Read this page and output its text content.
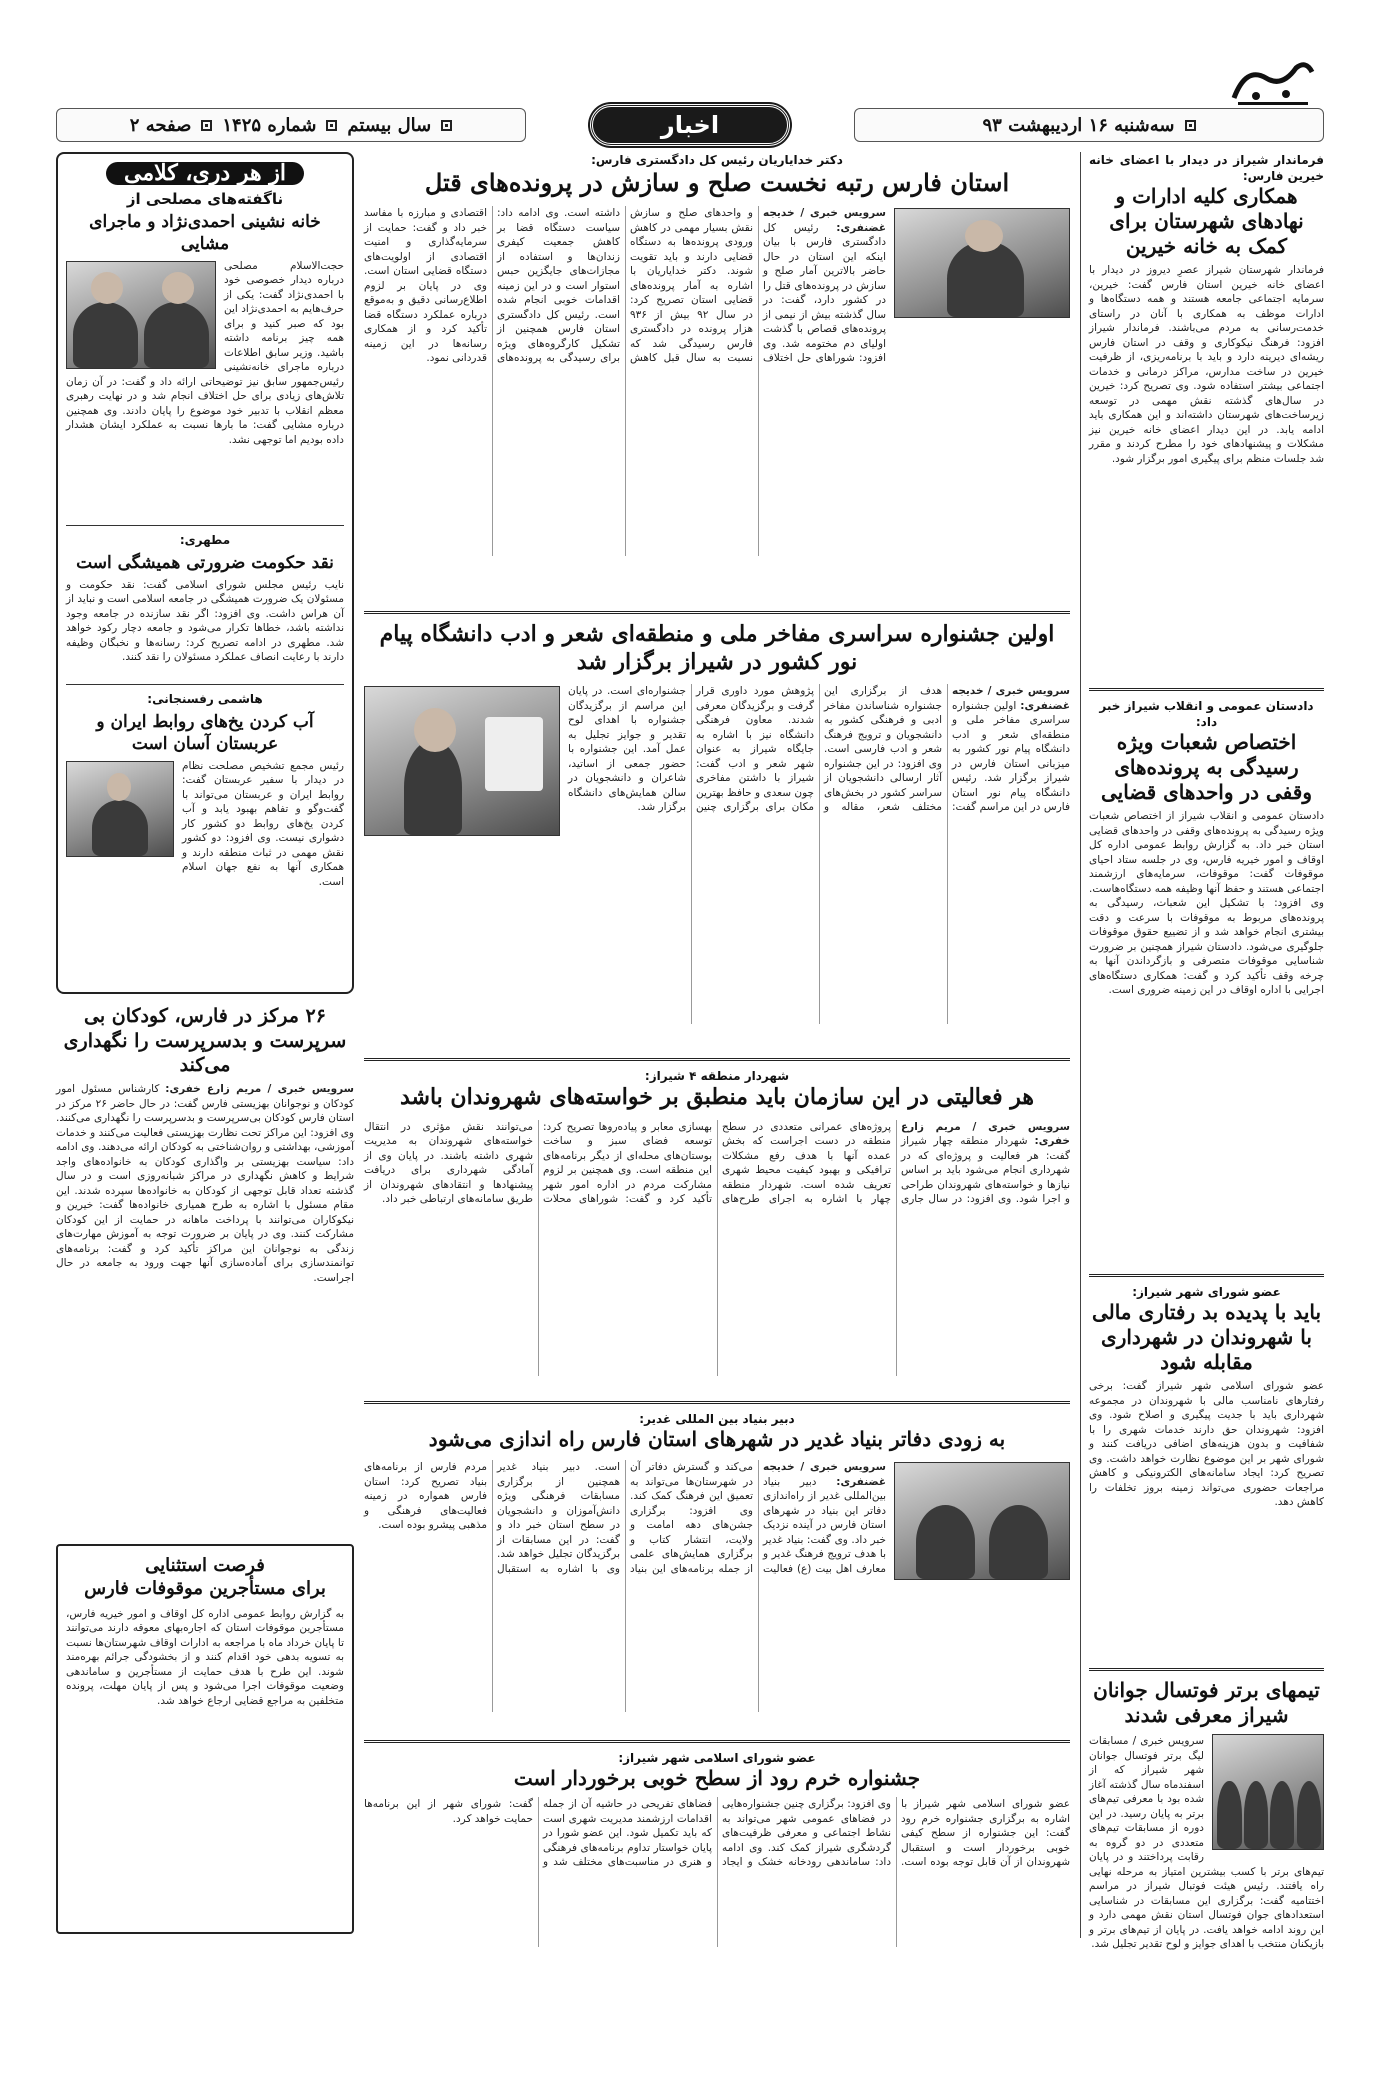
سه‌شنبه ۱۶ اردیبهشت ۹۳
اخبار
سال بیستم
شماره ۱۴۲۵
صفحه ۲
فرماندار شیراز در دیدار با اعضای خانه خیرین فارس:
همکاری کلیه ادارات و نهادهای شهرستان برای کمک به خانه خیرین
فرماندار شهرستان شیراز عصرِ دیروز در دیدار با اعضای خانه خیرین استان فارس گفت: خیرین، سرمایه اجتماعی جامعه هستند و همه دستگاه‌ها و ادارات موظف به همکاری با آنان در راستای خدمت‌رسانی به مردم می‌باشند. فرماندار شیراز افزود: فرهنگ نیکوکاری و وقف در استان فارس ریشه‌ای دیرینه دارد و باید با برنامه‌ریزی، از ظرفیت خیرین در ساخت مدارس، مراکز درمانی و خدمات اجتماعی بیشتر استفاده شود. وی تصریح کرد: خیرین در سال‌های گذشته نقش مهمی در توسعه زیرساخت‌های شهرستان داشته‌اند و این همکاری باید ادامه یابد. در این دیدار اعضای خانه خیرین نیز مشکلات و پیشنهادهای خود را مطرح کردند و مقرر شد جلسات منظم برای پیگیری امور برگزار شود.
دادستان عمومی و انقلاب شیراز خبر داد:
اختصاص شعبات ویژه رسیدگی به پرونده‌های وقفی در واحدهای قضایی
دادستان عمومی و انقلاب شیراز از اختصاص شعبات ویژه رسیدگی به پرونده‌های وقفی در واحدهای قضایی استان خبر داد. به گزارش روابط عمومی اداره کل اوقاف و امور خیریه فارس، وی در جلسه ستاد احیای موقوفات گفت: موقوفات، سرمایه‌های ارزشمند اجتماعی هستند و حفظ آنها وظیفه همه دستگاه‌هاست. وی افزود: با تشکیل این شعبات، رسیدگی به پرونده‌های مربوط به موقوفات با سرعت و دقت بیشتری انجام خواهد شد و از تضییع حقوق موقوفات جلوگیری می‌شود. دادستان شیراز همچنین بر ضرورت شناسایی موقوفات متصرفی و بازگرداندن آنها به چرخه وقف تأکید کرد و گفت: همکاری دستگاه‌های اجرایی با اداره اوقاف در این زمینه ضروری است.
عضو شورای شهر شیراز:
باید با پدیده بد رفتاری مالی با شهروندان در شهرداری مقابله شود
عضو شورای اسلامی شهر شیراز گفت: برخی رفتارهای نامناسب مالی با شهروندان در مجموعه شهرداری باید با جدیت پیگیری و اصلاح شود. وی افزود: شهروندان حق دارند خدمات شهری را با شفافیت و بدون هزینه‌های اضافی دریافت کنند و شورای شهر بر این موضوع نظارت خواهد داشت. وی تصریح کرد: ایجاد سامانه‌های الکترونیکی و کاهش مراجعات حضوری می‌تواند زمینه بروز تخلفات را کاهش دهد.
تیمهای برتر فوتسال جوانان شیراز معرفی شدند
سرویس خبری / مسابقات لیگ برتر فوتسال جوانان شهر شیراز که از اسفندماه سال گذشته آغاز شده بود با معرفی تیم‌های برتر به پایان رسید. در این دوره از مسابقات تیم‌های متعددی در دو گروه به رقابت پرداختند و در پایان تیم‌های برتر با کسب بیشترین امتیاز به مرحله نهایی راه یافتند. رئیس هیئت فوتبال شیراز در مراسم اختتامیه گفت: برگزاری این مسابقات در شناسایی استعدادهای جوان فوتسال استان نقش مهمی دارد و این روند ادامه خواهد یافت. در پایان از تیم‌های برتر و بازیکنان منتخب با اهدای جوایز و لوح تقدیر تجلیل شد.
دکتر خدایاریان رئیس کل دادگستری فارس:
استان فارس رتبه نخست صلح و سازش در پرونده‌های قتل
سرویس خبری / خدیجه غضنفری: رئیس کل دادگستری فارس با بیان اینکه این استان در حال حاضر بالاترین آمار صلح و سازش در پرونده‌های قتل را در کشور دارد، گفت: در سال گذشته بیش از نیمی از پرونده‌های قصاص با گذشت اولیای دم مختومه شد. وی افزود: شوراهای حل اختلاف و واحدهای صلح و سازش نقش بسیار مهمی در کاهش ورودی پرونده‌ها به دستگاه قضایی دارند و باید تقویت شوند. دکتر خدایاریان با اشاره به آمار پرونده‌های قضایی استان تصریح کرد: در سال ۹۲ بیش از ۹۳۶ هزار پرونده در دادگستری فارس رسیدگی شد که نسبت به سال قبل کاهش داشته است. وی ادامه داد: سیاست دستگاه قضا بر کاهش جمعیت کیفری زندان‌ها و استفاده از مجازات‌های جایگزین حبس استوار است و در این زمینه اقدامات خوبی انجام شده است. رئیس کل دادگستری استان فارس همچنین از تشکیل کارگروه‌های ویژه برای رسیدگی به پرونده‌های اقتصادی و مبارزه با مفاسد خبر داد و گفت: حمایت از سرمایه‌گذاری و امنیت اقتصادی از اولویت‌های دستگاه قضایی استان است. وی در پایان بر لزوم اطلاع‌رسانی دقیق و به‌موقع درباره عملکرد دستگاه قضا تأکید کرد و از همکاری رسانه‌ها در این زمینه قدردانی نمود.
اولین جشنواره سراسری مفاخر ملی و منطقه‌ای شعر و ادب دانشگاه پیام نور کشور در شیراز برگزار شد
سرویس خبری / خدیجه غضنفری: اولین جشنواره سراسری مفاخر ملی و منطقه‌ای شعر و ادب دانشگاه پیام نور کشور به میزبانی استان فارس در شیراز برگزار شد. رئیس دانشگاه پیام نور استان فارس در این مراسم گفت: هدف از برگزاری این جشنواره شناساندن مفاخر ادبی و فرهنگی کشور به دانشجویان و ترویج فرهنگ شعر و ادب فارسی است. وی افزود: در این جشنواره آثار ارسالی دانشجویان از سراسر کشور در بخش‌های مختلف شعر، مقاله و پژوهش مورد داوری قرار گرفت و برگزیدگان معرفی شدند. معاون فرهنگی دانشگاه نیز با اشاره به جایگاه شیراز به عنوان شهر شعر و ادب گفت: شیراز با داشتن مفاخری چون سعدی و حافظ بهترین مکان برای برگزاری چنین جشنواره‌ای است. در پایان این مراسم از برگزیدگان جشنواره با اهدای لوح تقدیر و جوایز تجلیل به عمل آمد. این جشنواره با حضور جمعی از اساتید، شاعران و دانشجویان در سالن همایش‌های دانشگاه برگزار شد.
شهردار منطقه ۴ شیراز:
هر فعالیتی در این سازمان باید منطبق بر خواسته‌های شهروندان باشد
سرویس خبری / مریم زارع خفری: شهردار منطقه چهار شیراز گفت: هر فعالیت و پروژه‌ای که در شهرداری انجام می‌شود باید بر اساس نیازها و خواسته‌های شهروندان طراحی و اجرا شود. وی افزود: در سال جاری پروژه‌های عمرانی متعددی در سطح منطقه در دست اجراست که بخش عمده آنها با هدف رفع مشکلات ترافیکی و بهبود کیفیت محیط شهری تعریف شده است. شهردار منطقه چهار با اشاره به اجرای طرح‌های بهسازی معابر و پیاده‌روها تصریح کرد: توسعه فضای سبز و ساخت بوستان‌های محله‌ای از دیگر برنامه‌های این منطقه است. وی همچنین بر لزوم مشارکت مردم در اداره امور شهر تأکید کرد و گفت: شوراهای محلات می‌توانند نقش مؤثری در انتقال خواسته‌های شهروندان به مدیریت شهری داشته باشند. در پایان وی از آمادگی شهرداری برای دریافت پیشنهادها و انتقادهای شهروندان از طریق سامانه‌های ارتباطی خبر داد.
دبیر بنیاد بین المللی غدیر:
به زودی دفاتر بنیاد غدیر در شهرهای استان فارس راه اندازی می‌شود
سرویس خبری / خدیجه غضنفری: دبیر بنیاد بین‌المللی غدیر از راه‌اندازی دفاتر این بنیاد در شهرهای استان فارس در آینده نزدیک خبر داد. وی گفت: بنیاد غدیر با هدف ترویج فرهنگ غدیر و معارف اهل بیت (ع) فعالیت می‌کند و گسترش دفاتر آن در شهرستان‌ها می‌تواند به تعمیق این فرهنگ کمک کند. وی افزود: برگزاری جشن‌های دهه امامت و ولایت، انتشار کتاب و برگزاری همایش‌های علمی از جمله برنامه‌های این بنیاد است. دبیر بنیاد غدیر همچنین از برگزاری مسابقات فرهنگی ویژه دانش‌آموزان و دانشجویان در سطح استان خبر داد و گفت: در این مسابقات از برگزیدگان تجلیل خواهد شد. وی با اشاره به استقبال مردم فارس از برنامه‌های بنیاد تصریح کرد: استان فارس همواره در زمینه فعالیت‌های فرهنگی و مذهبی پیشرو بوده است.
عضو شورای اسلامی شهر شیراز:
جشنواره خرم رود از سطح خوبی برخوردار است
عضو شورای اسلامی شهر شیراز با اشاره به برگزاری جشنواره خرم رود گفت: این جشنواره از سطح کیفی خوبی برخوردار است و استقبال شهروندان از آن قابل توجه بوده است. وی افزود: برگزاری چنین جشنواره‌هایی در فضاهای عمومی شهر می‌تواند به نشاط اجتماعی و معرفی ظرفیت‌های گردشگری شیراز کمک کند. وی ادامه داد: ساماندهی رودخانه خشک و ایجاد فضاهای تفریحی در حاشیه آن از جمله اقدامات ارزشمند مدیریت شهری است که باید تکمیل شود. این عضو شورا در پایان خواستار تداوم برنامه‌های فرهنگی و هنری در مناسبت‌های مختلف شد و گفت: شورای شهر از این برنامه‌ها حمایت خواهد کرد.
از هر دری، کلامی
ناگفته‌های مصلحی از
خانه نشینی احمدی‌نژاد و ماجرای مشایی
حجت‌الاسلام مصلحی درباره دیدار خصوصی خود با احمدی‌نژاد گفت: یکی از حرف‌هایم به احمدی‌نژاد این بود که صبر کنید و برای همه چیز برنامه داشته باشید. وزیر سابق اطلاعات درباره ماجرای خانه‌نشینی رئیس‌جمهور سابق نیز توضیحاتی ارائه داد و گفت: در آن زمان تلاش‌های زیادی برای حل اختلاف انجام شد و در نهایت رهبری معظم انقلاب با تدبیر خود موضوع را پایان دادند. وی همچنین درباره مشایی گفت: ما بارها نسبت به عملکرد ایشان هشدار داده بودیم اما توجهی نشد.
مطهری:
نقد حکومت ضرورتی همیشگی است
نایب رئیس مجلس شورای اسلامی گفت: نقد حکومت و مسئولان یک ضرورت همیشگی در جامعه اسلامی است و نباید از آن هراس داشت. وی افزود: اگر نقد سازنده در جامعه وجود نداشته باشد، خطاها تکرار می‌شود و جامعه دچار رکود خواهد شد. مطهری در ادامه تصریح کرد: رسانه‌ها و نخبگان وظیفه دارند با رعایت انصاف عملکرد مسئولان را نقد کنند.
هاشمی رفسنجانی:
آب کردن یخ‌های روابط ایران و عربستان آسان است
رئیس مجمع تشخیص مصلحت نظام در دیدار با سفیر عربستان گفت: روابط ایران و عربستان می‌تواند با گفت‌وگو و تفاهم بهبود یابد و آب کردن یخ‌های روابط دو کشور کار دشواری نیست. وی افزود: دو کشور نقش مهمی در ثبات منطقه دارند و همکاری آنها به نفع جهان اسلام است.
۲۶ مرکز در فارس، کودکان بی سرپرست و بدسرپرست را نگهداری می‌کند
سرویس خبری / مریم زارع خفری: کارشناس مسئول امور کودکان و نوجوانان بهزیستی فارس گفت: در حال حاضر ۲۶ مرکز در استان فارس کودکان بی‌سرپرست و بدسرپرست را نگهداری می‌کنند. وی افزود: این مراکز تحت نظارت بهزیستی فعالیت می‌کنند و خدمات آموزشی، بهداشتی و روان‌شناختی به کودکان ارائه می‌دهند. وی ادامه داد: سیاست بهزیستی بر واگذاری کودکان به خانواده‌های واجد شرایط و کاهش نگهداری در مراکز شبانه‌روزی است و در سال گذشته تعداد قابل توجهی از کودکان به خانواده‌ها سپرده شدند. این مقام مسئول با اشاره به طرح همیاری خانواده‌ها گفت: خیرین و نیکوکاران می‌توانند با پرداخت ماهانه در حمایت از این کودکان مشارکت کنند. وی در پایان بر ضرورت توجه به آموزش مهارت‌های زندگی به نوجوانان این مراکز تأکید کرد و گفت: برنامه‌های توانمندسازی برای آماده‌سازی آنها جهت ورود به جامعه در حال اجراست.
فرصت استثنایی
برای مستأجرین موقوفات فارس
به گزارش روابط عمومی اداره کل اوقاف و امور خیریه فارس، مستأجرین موقوفات استان که اجاره‌بهای معوقه دارند می‌توانند تا پایان خرداد ماه با مراجعه به ادارات اوقاف شهرستان‌ها نسبت به تسویه بدهی خود اقدام کنند و از بخشودگی جرائم بهره‌مند شوند. این طرح با هدف حمایت از مستأجرین و ساماندهی وضعیت موقوفات اجرا می‌شود و پس از پایان مهلت، پرونده متخلفین به مراجع قضایی ارجاع خواهد شد.
